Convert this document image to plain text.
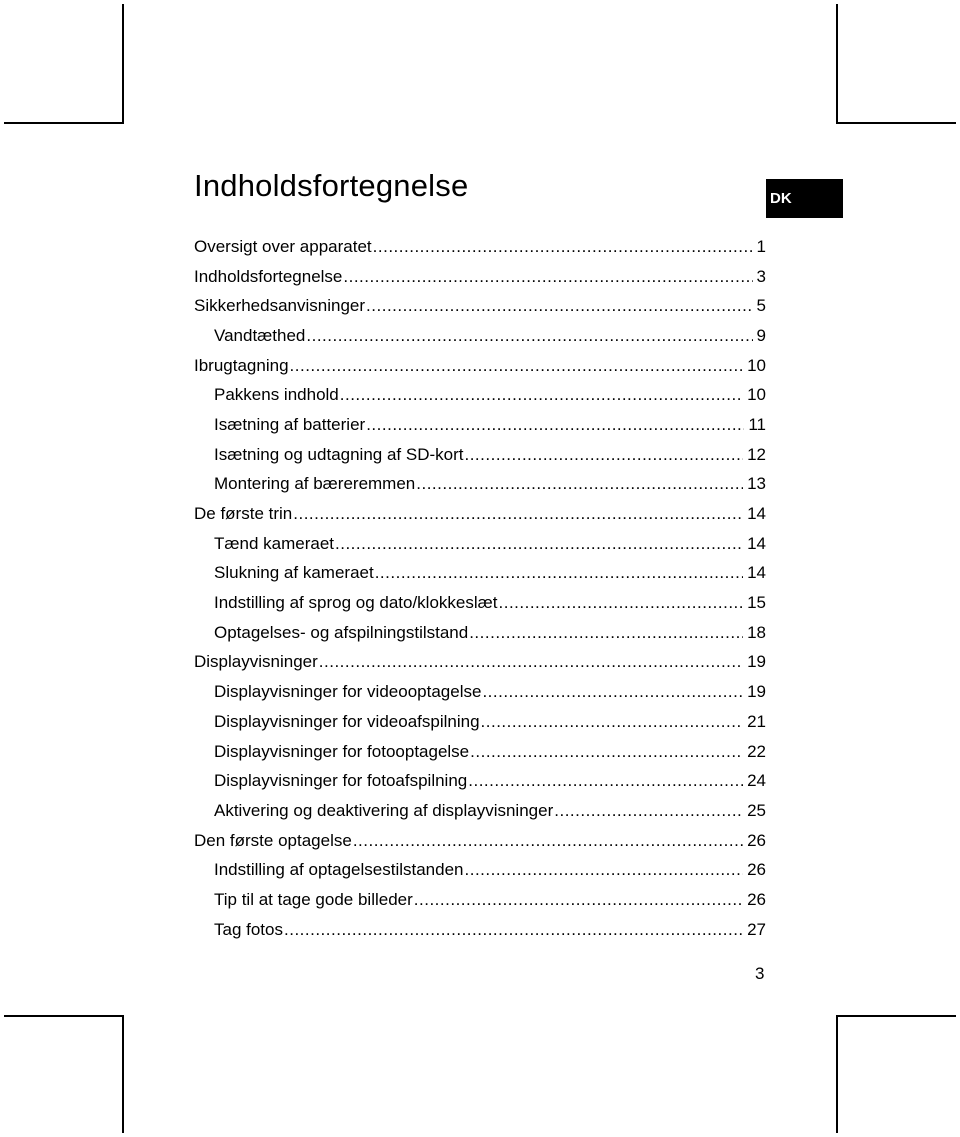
Indholdsfortegnelse	DK
Oversigt over apparatet .....	1
Indholdsfortegnelse .....	3
Sikkerhedsanvisninger .....	5
Vandtæthed .....	9
Ibrugtagning .....	10
Pakkens indhold .....	10
Isætning af batterier .....	11
Isætning og udtagning af SD-kort .....	12
Montering af bæreremmen .....	13
De første trin .....	14
Tænd kameraet .....	14
Slukning af kameraet .....	14
Indstilling af sprog og dato/klokkeslæt .....	15
Optagelses- og afspilningstilstand .....	18
Displayvisninger .....	19
Displayvisninger for videooptagelse .....	19
Displayvisninger for videoafspilning .....	21
Displayvisninger for fotooptagelse .....	22
Displayvisninger for fotoafspilning .....	24
Aktivering og deaktivering af displayvisninger .....	25
Den første optagelse .....	26
Indstilling af optagelsestilstanden .....	26
Tip til at tage gode billeder .....	26
Tag fotos .....	27
3
